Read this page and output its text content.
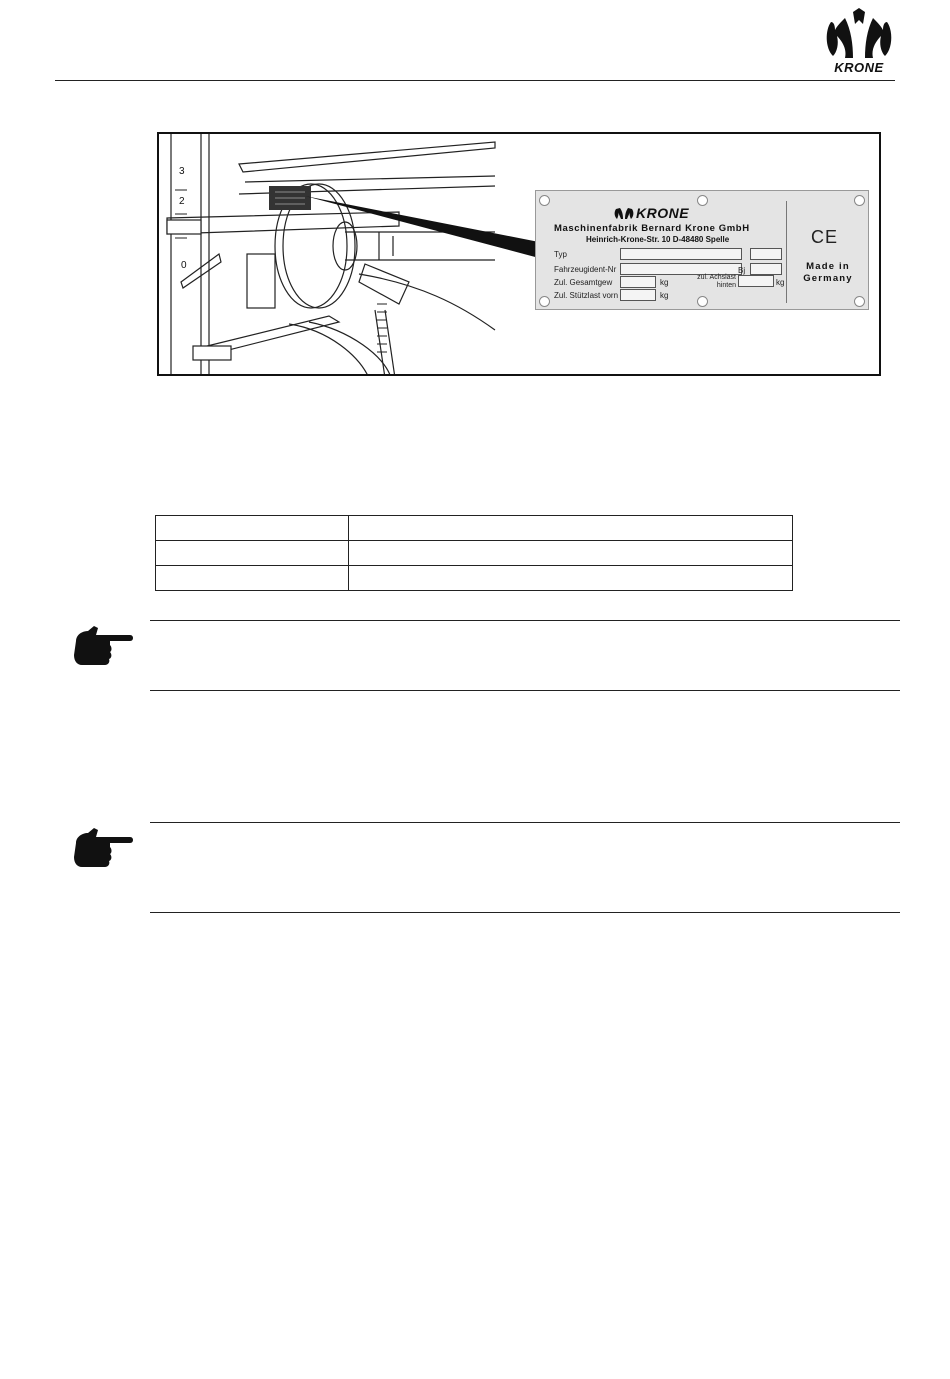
KRONE
3
2
0
KRONE
Maschinenfabrik Bernard Krone GmbH
Heinrich-Krone-Str. 10 D-48480 Spelle
Typ
Fahrzeugident-Nr	Bj
Zul. Gesamtgew	kg
zul. Achslast hinten	kg
Zul. Stützlast vorn	kg
CE
Made in Germany
